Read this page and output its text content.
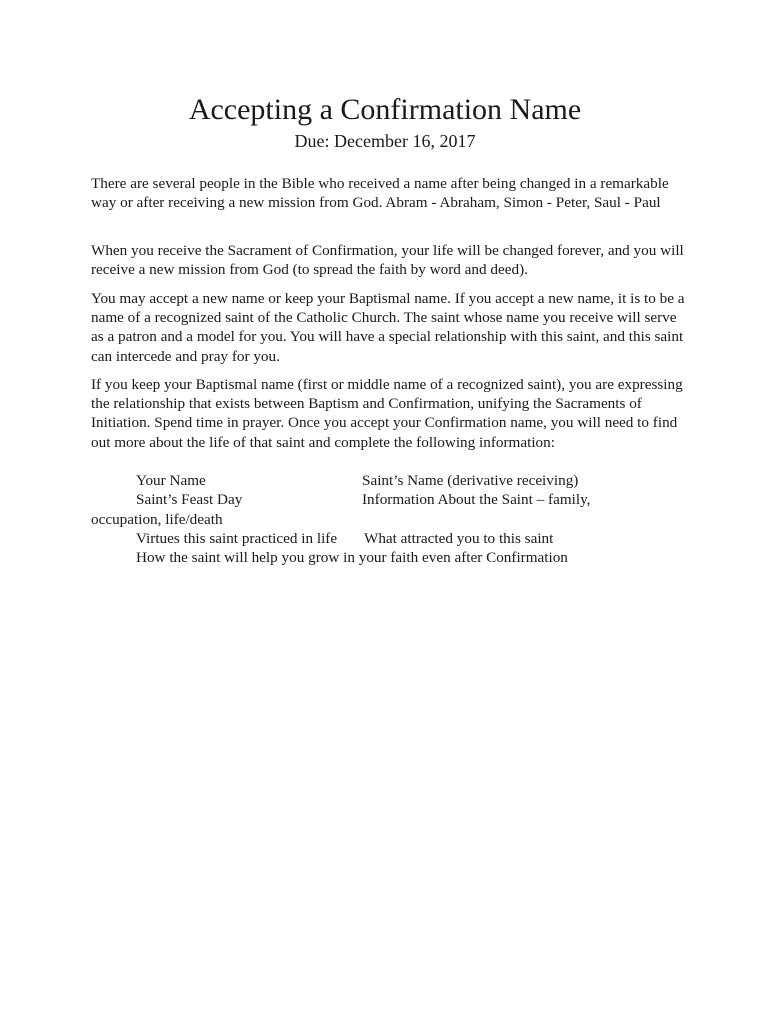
Accepting a Confirmation Name
Due: December 16, 2017

There are several people in the Bible who received a name after being changed in a remarkable way or after receiving a new mission from God. Abram - Abraham, Simon - Peter, Saul - Paul

When you receive the Sacrament of Confirmation, your life will be changed forever, and you will receive a new mission from God (to spread the faith by word and deed).

You may accept a new name or keep your Baptismal name. If you accept a new name, it is to be a name of a recognized saint of the Catholic Church. The saint whose name you receive will serve as a patron and a model for you. You will have a special relationship with this saint, and this saint can intercede and pray for you.

If you keep your Baptismal name (first or middle name of a recognized saint), you are expressing the relationship that exists between Baptism and Confirmation, unifying the Sacraments of Initiation. Spend time in prayer. Once you accept your Confirmation name, you will need to find out more about the life of that saint and complete the following information:

Your Name	Saint’s Name (derivative receiving)
Saint’s Feast Day	Information About the Saint – family,
occupation, life/death
Virtues this saint practiced in life What attracted you to this saint
How the saint will help you grow in your faith even after Confirmation
